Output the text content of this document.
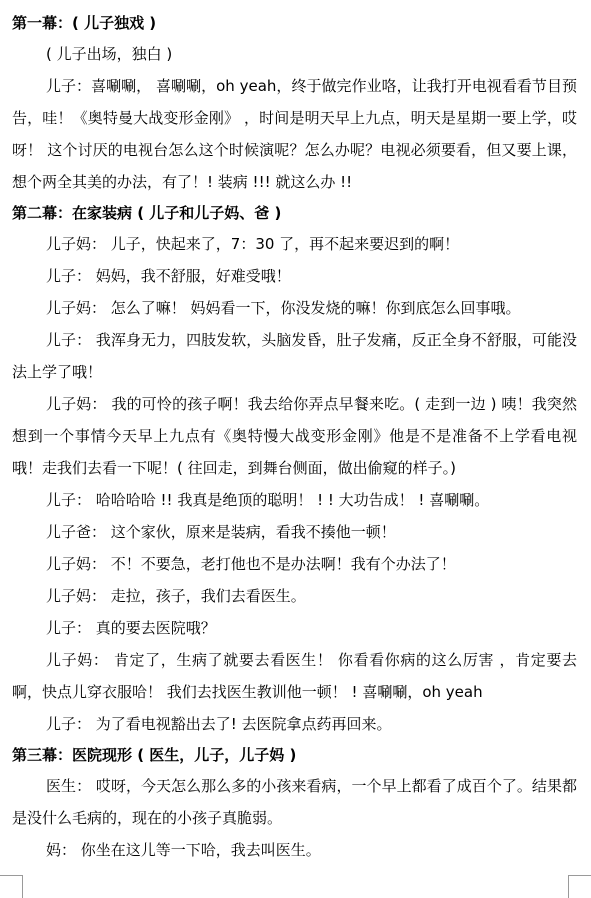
第一幕：( 儿子独戏 )

( 儿子出场，独白 )

儿子：喜唰唰， 喜唰唰，oh yeah，终于做完作业咯，让我打开电视看看节目预告，哇！《奥特曼大战变形金刚》 ，时间是明天早上九点，明天是星期一要上学，哎呀！ 这个讨厌的电视台怎么这个时候演呢？怎么办呢？电视必须要看，但又要上课，想个两全其美的办法，有了！! 装病 !!! 就这么办 !!

第二幕：在家装病 ( 儿子和儿子妈、爸 )

儿子妈： 儿子，快起来了，7：30 了，再不起来要迟到的啊！

儿子： 妈妈，我不舒服，好难受哦！

儿子妈： 怎么了嘛！ 妈妈看一下，你没发烧的嘛！你到底怎么回事哦。

儿子： 我浑身无力，四肢发软，头脑发昏，肚子发痛，反正全身不舒服，可能没法上学了哦！

儿子妈： 我的可怜的孩子啊！我去给你弄点早餐来吃。( 走到一边 ) 咦！我突然想到一个事情今天早上九点有《奥特慢大战变形金刚》他是不是准备不上学看电视哦！走我们去看一下呢！( 往回走，到舞台侧面，做出偷窥的样子。)

儿子： 哈哈哈哈 !! 我真是绝顶的聪明！ ! ! 大功告成！ ! 喜唰唰。

儿子爸： 这个家伙，原来是装病，看我不揍他一顿！

儿子妈： 不！不要急，老打他也不是办法啊！我有个办法了！

儿子妈： 走拉，孩子，我们去看医生。

儿子： 真的要去医院哦？

儿子妈： 肯定了，生病了就要去看医生！ 你看看你病的这么厉害 ，肯定要去啊，快点儿穿衣服哈！ 我们去找医生教训他一顿！ ! 喜唰唰，oh yeah

儿子： 为了看电视豁出去了! 去医院拿点药再回来。

第三幕：医院现形 ( 医生，儿子，儿子妈 )

医生： 哎呀，今天怎么那么多的小孩来看病，一个早上都看了成百个了。结果都是没什么毛病的，现在的小孩子真脆弱。

妈： 你坐在这儿等一下哈，我去叫医生。
